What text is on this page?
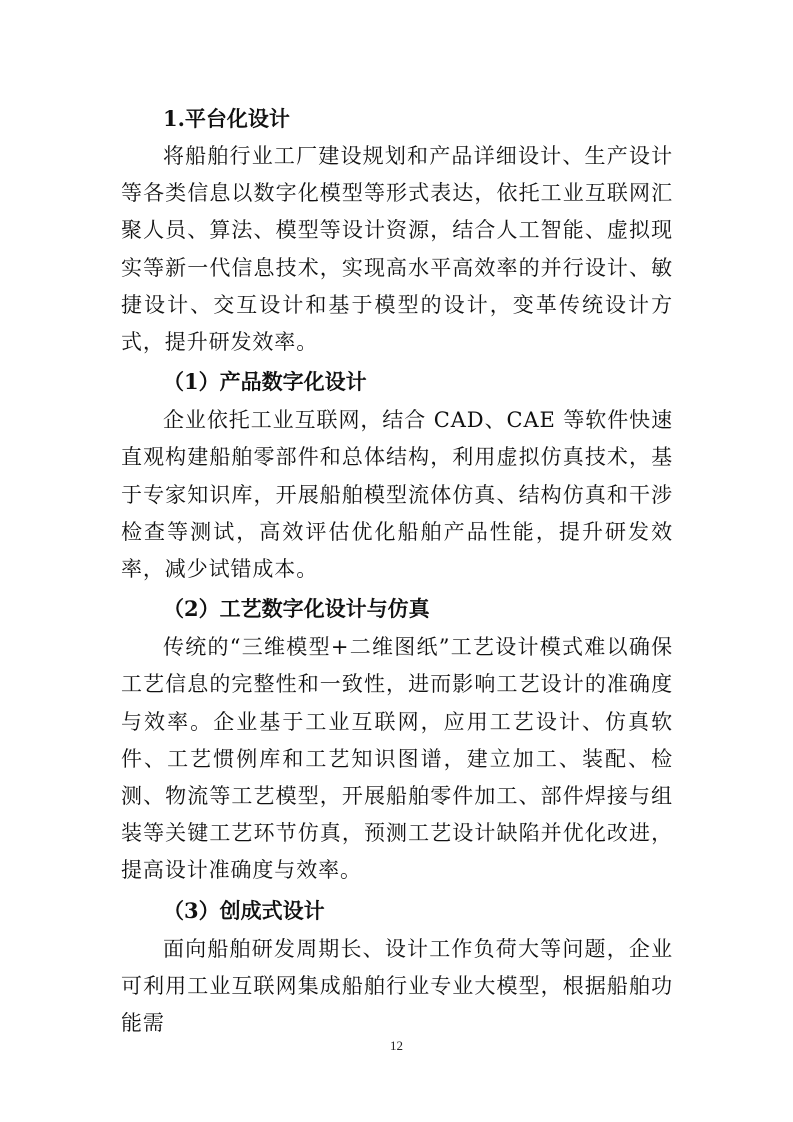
1.平台化设计

将船舶行业工厂建设规划和产品详细设计、生产设计等各类信息以数字化模型等形式表达，依托工业互联网汇聚人员、算法、模型等设计资源，结合人工智能、虚拟现实等新一代信息技术，实现高水平高效率的并行设计、敏捷设计、交互设计和基于模型的设计，变革传统设计方式，提升研发效率。

（1）产品数字化设计

企业依托工业互联网，结合 CAD、CAE 等软件快速直观构建船舶零部件和总体结构，利用虚拟仿真技术，基于专家知识库，开展船舶模型流体仿真、结构仿真和干涉检查等测试，高效评估优化船舶产品性能，提升研发效率，减少试错成本。

（2）工艺数字化设计与仿真

传统的“三维模型+二维图纸”工艺设计模式难以确保工艺信息的完整性和一致性，进而影响工艺设计的准确度与效率。企业基于工业互联网，应用工艺设计、仿真软件、工艺惯例库和工艺知识图谱，建立加工、装配、检测、物流等工艺模型，开展船舶零件加工、部件焊接与组装等关键工艺环节仿真，预测工艺设计缺陷并优化改进，提高设计准确度与效率。

（3）创成式设计

面向船舶研发周期长、设计工作负荷大等问题，企业可利用工业互联网集成船舶行业专业大模型，根据船舶功能需

12
